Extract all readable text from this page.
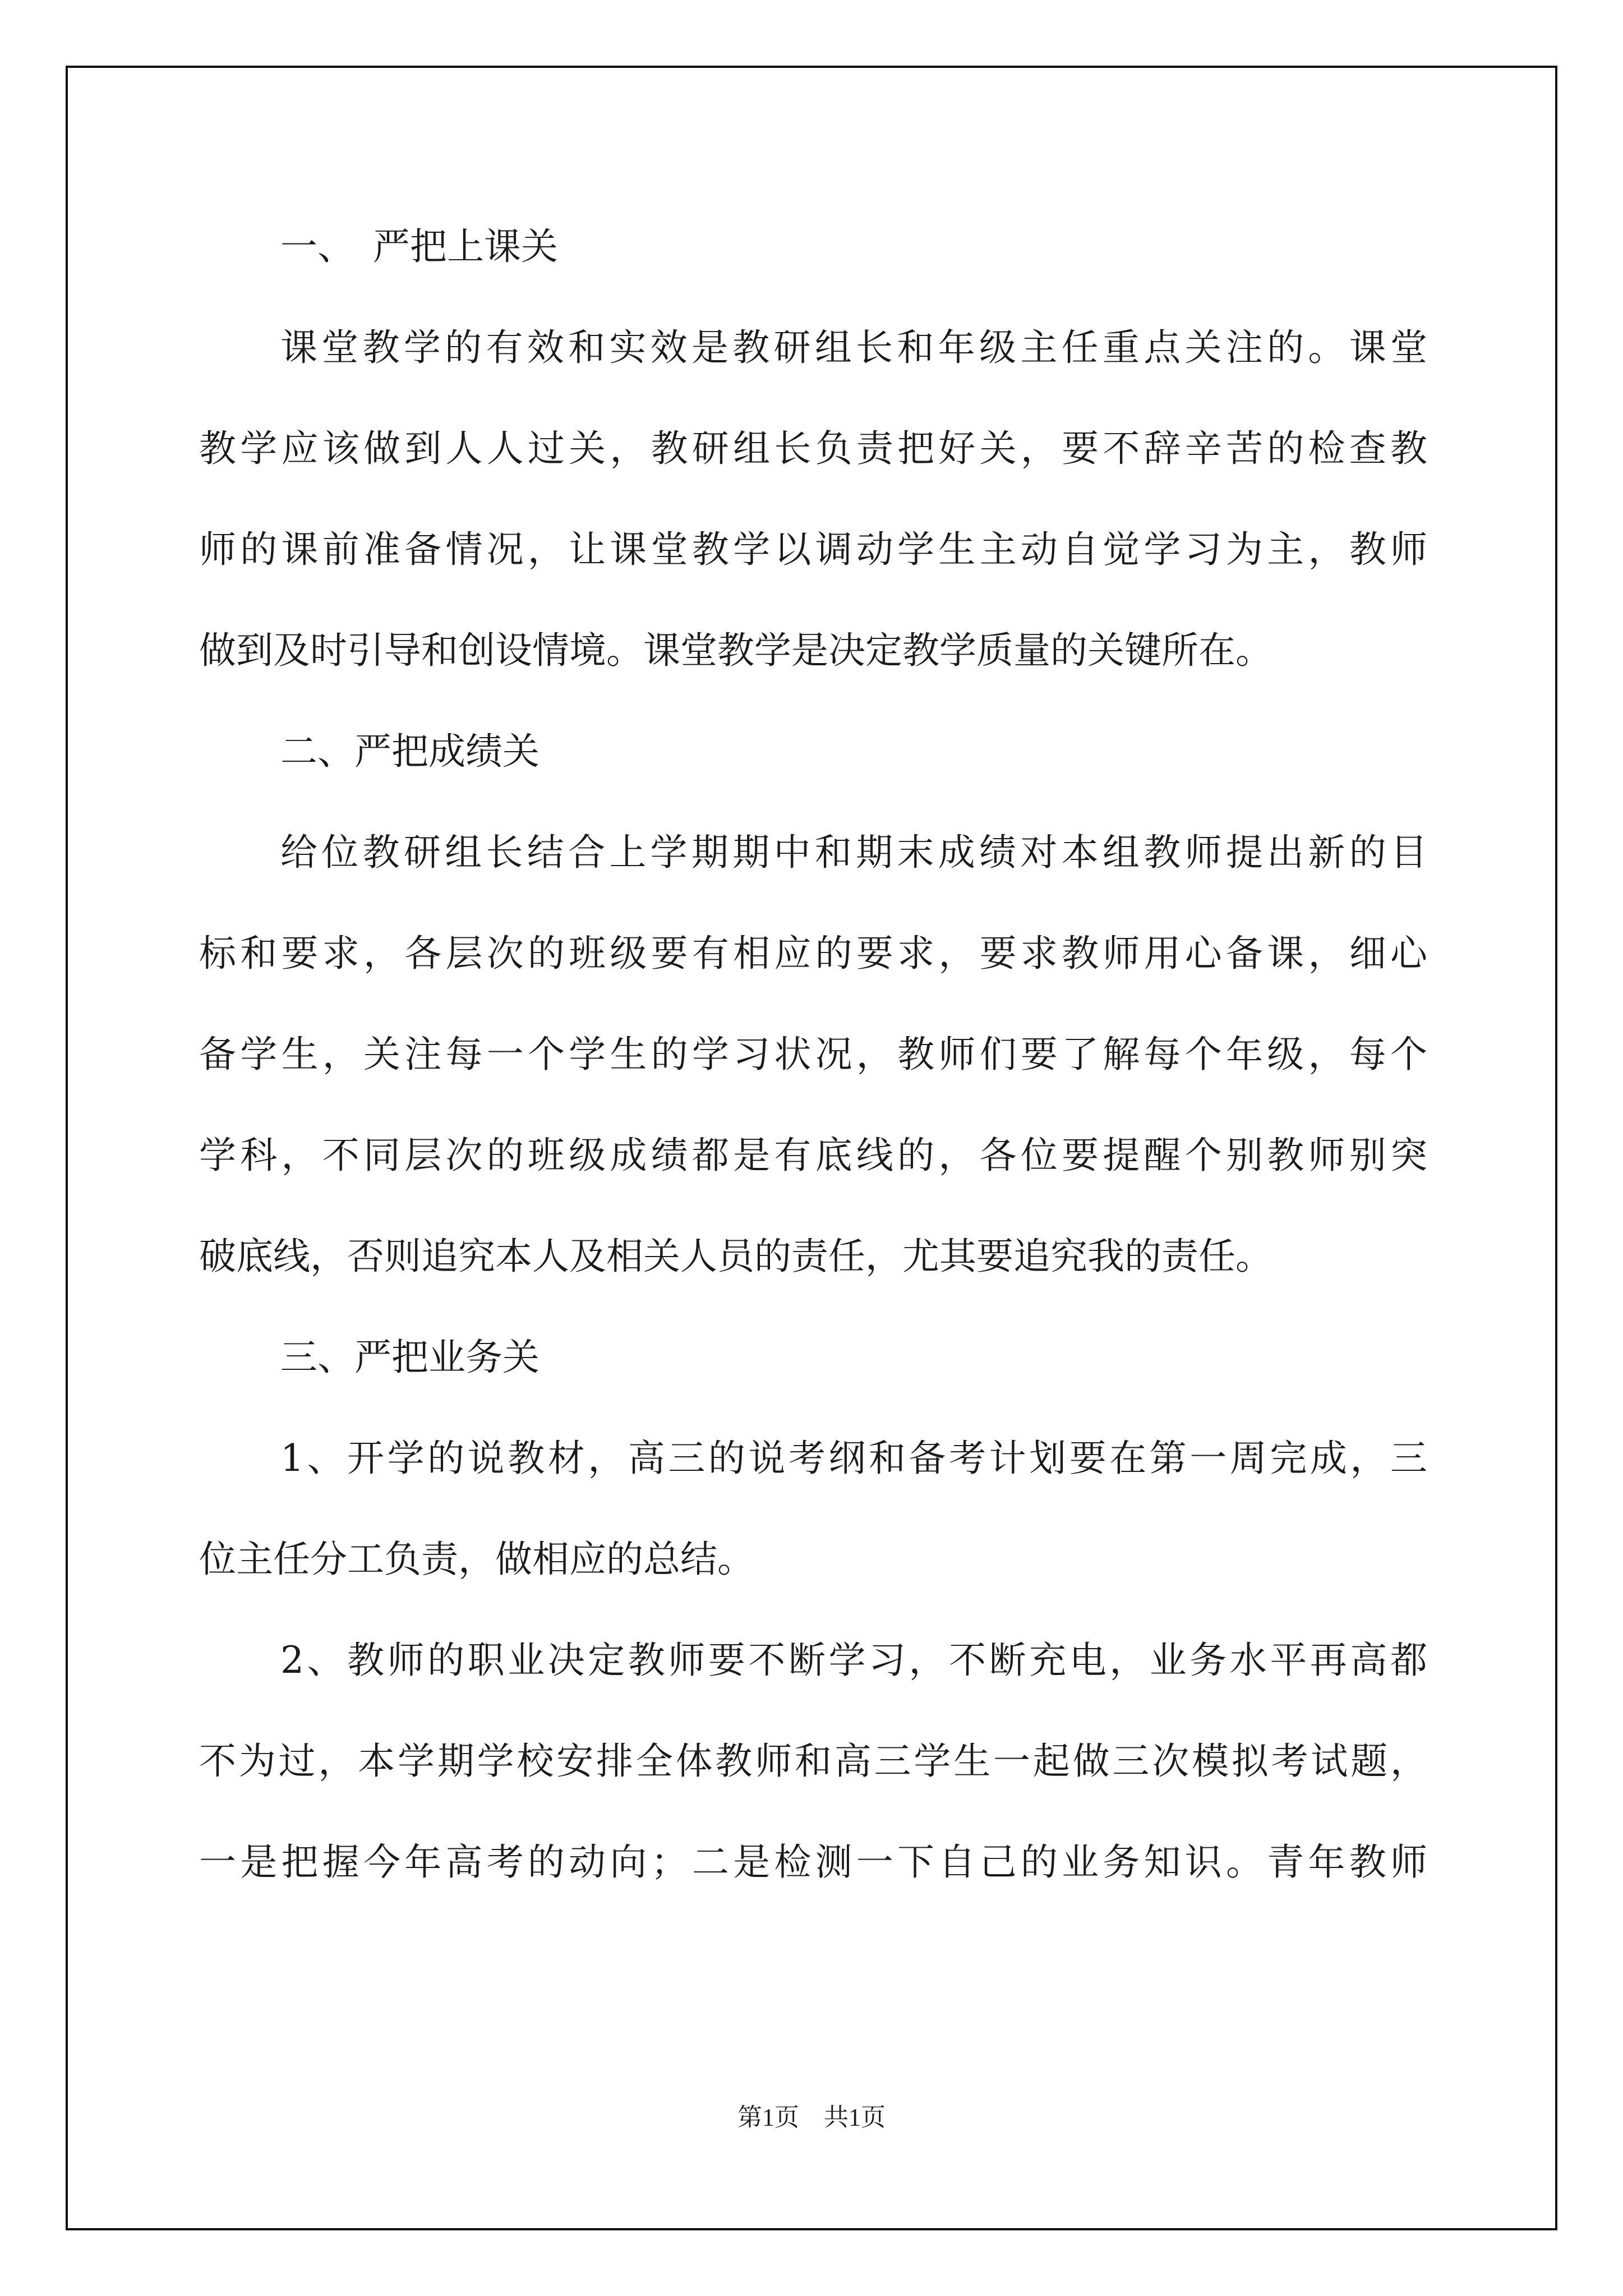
一、　严把上课关
课堂教学的有效和实效是教研组长和年级主任重点关注的。课堂
教学应该做到人人过关，教研组长负责把好关，要不辞辛苦的检查教
师的课前准备情况，让课堂教学以调动学生主动自觉学习为主，教师
做到及时引导和创设情境。课堂教学是决定教学质量的关键所在。
二、严把成绩关
给位教研组长结合上学期期中和期末成绩对本组教师提出新的目
标和要求，各层次的班级要有相应的要求，要求教师用心备课，细心
备学生，关注每一个学生的学习状况，教师们要了解每个年级，每个
学科，不同层次的班级成绩都是有底线的，各位要提醒个别教师别突
破底线，否则追究本人及相关人员的责任，尤其要追究我的责任。
三、严把业务关
1、开学的说教材，高三的说考纲和备考计划要在第一周完成，三
位主任分工负责，做相应的总结。
2、教师的职业决定教师要不断学习，不断充电，业务水平再高都
不为过，本学期学校安排全体教师和高三学生一起做三次模拟考试题，
一是把握今年高考的动向；二是检测一下自己的业务知识。青年教师
第1页　共1页
